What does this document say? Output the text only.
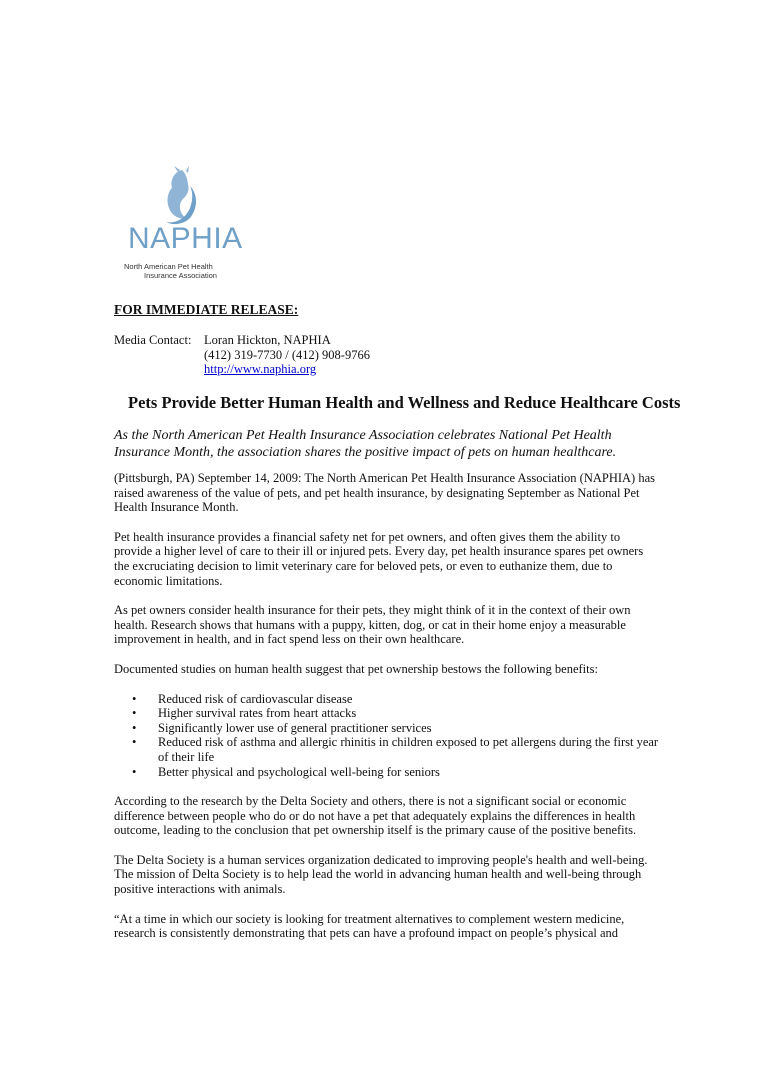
NAPHIA
North American Pet Health
Insurance Association
FOR IMMEDIATE RELEASE:
Media Contact: Loran Hickton, NAPHIA
(412) 319-7730 / (412) 908-9766
http://www.naphia.org
Pets Provide Better Human Health and Wellness and Reduce Healthcare Costs
As the North American Pet Health Insurance Association celebrates National Pet Health Insurance Month, the association shares the positive impact of pets on human healthcare.

(Pittsburgh, PA) September 14, 2009: The North American Pet Health Insurance Association (NAPHIA) has raised awareness of the value of pets, and pet health insurance, by designating September as National Pet Health Insurance Month.

Pet health insurance provides a financial safety net for pet owners, and often gives them the ability to provide a higher level of care to their ill or injured pets. Every day, pet health insurance spares pet owners the excruciating decision to limit veterinary care for beloved pets, or even to euthanize them, due to economic limitations.

As pet owners consider health insurance for their pets, they might think of it in the context of their own health. Research shows that humans with a puppy, kitten, dog, or cat in their home enjoy a measurable improvement in health, and in fact spend less on their own healthcare.

Documented studies on human health suggest that pet ownership bestows the following benefits:

• Reduced risk of cardiovascular disease
• Higher survival rates from heart attacks
• Significantly lower use of general practitioner services
• Reduced risk of asthma and allergic rhinitis in children exposed to pet allergens during the first year of their life
• Better physical and psychological well-being for seniors

According to the research by the Delta Society and others, there is not a significant social or economic difference between people who do or do not have a pet that adequately explains the differences in health outcome, leading to the conclusion that pet ownership itself is the primary cause of the positive benefits.

The Delta Society is a human services organization dedicated to improving people's health and well-being. The mission of Delta Society is to help lead the world in advancing human health and well-being through positive interactions with animals.

“At a time in which our society is looking for treatment alternatives to complement western medicine, research is consistently demonstrating that pets can have a profound impact on people’s physical and
